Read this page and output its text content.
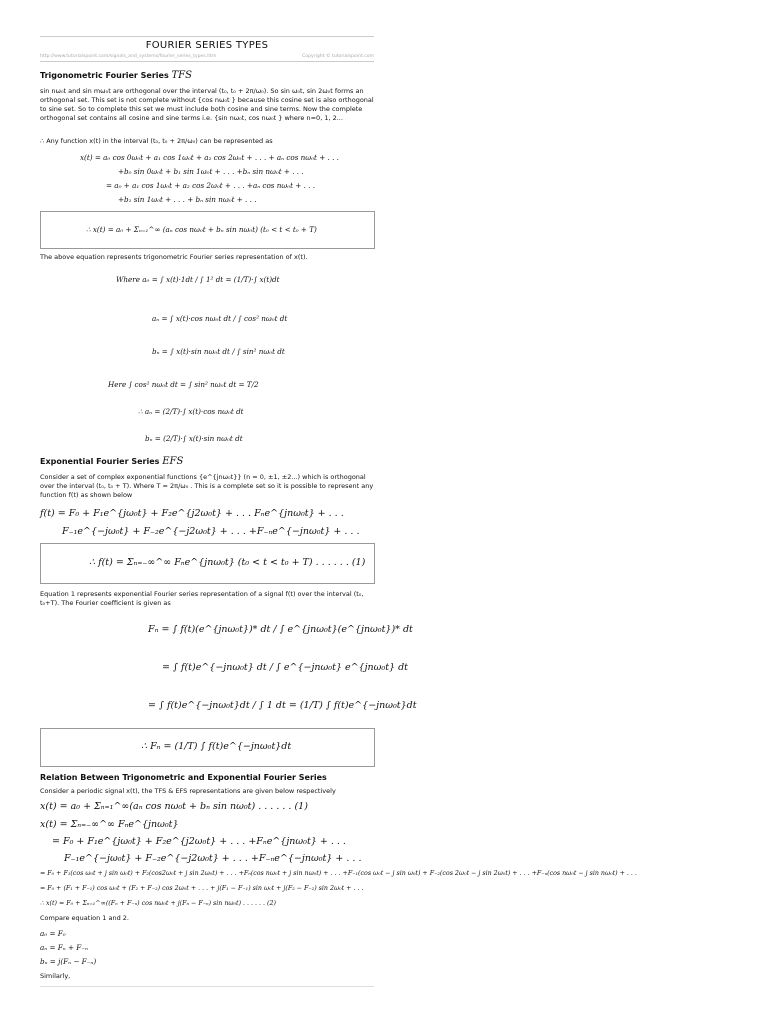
FOURIER SERIES TYPES
http://www.tutorialspoint.com/signals_and_systems/fourier_series_types.htm	Copyright © tutorialspoint.com
Trigonometric Fourier Series TFS

sin nω₀t and sin mω₀t are orthogonal over the interval (t₀, t₀ + 2π/ω₀). So sin ω₀t, sin 2ω₀t forms an orthogonal set. This set is not complete without {cos nω₀t } because this cosine set is also orthogonal to sine set. So to complete this set we must include both cosine and sine terms. Now the complete orthogonal set contains all cosine and sine terms i.e. {sin nω₀t, cos nω₀t } where n=0, 1, 2...

∴ Any function x(t) in the interval (t₀, t₀ + 2π/ω₀) can be represented as

x(t) = a₀ cos 0ω₀t + a₁ cos 1ω₀t + a₂ cos 2ω₀t + . . . + aₙ cos nω₀t + . . .
+b₀ sin 0ω₀t + b₁ sin 1ω₀t + . . . +bₙ sin nω₀t + . . .
= a₀ + a₁ cos 1ω₀t + a₂ cos 2ω₀t + . . . +aₙ cos nω₀t + . . .
+b₁ sin 1ω₀t + . . . + bₙ sin nω₀t + . . .
∴ x(t) = a₀ + Σₙ₌₁^∞ (aₙ cos nω₀t + bₙ sin nω₀t) (t₀ < t < t₀ + T)

The above equation represents trigonometric Fourier series representation of x(t).

Where a₀ = ∫ x(t)·1dt / ∫ 1² dt = (1/T)·∫ x(t)dt
aₙ = ∫ x(t)·cos nω₀t dt / ∫ cos² nω₀t dt
bₙ = ∫ x(t)·sin nω₀t dt / ∫ sin² nω₀t dt
Here ∫ cos² nω₀t dt = ∫ sin² nω₀t dt = T/2
∴ aₙ = (2/T)·∫ x(t)·cos nω₀t dt
bₙ = (2/T)·∫ x(t)·sin nω₀t dt
Exponential Fourier Series EFS

Consider a set of complex exponential functions {e^{jnω₀t}} (n = 0, ±1, ±2...) which is orthogonal over the interval (t₀, t₀ + T). Where T = 2π/ω₀ . This is a complete set so it is possible to represent any function f(t) as shown below

f(t) = F₀ + F₁e^{jω₀t} + F₂e^{j2ω₀t} + . . . Fₙe^{jnω₀t} + . . .
F₋₁e^{−jω₀t} + F₋₂e^{−j2ω₀t} + . . . +F₋ₙe^{−jnω₀t} + . . .
∴ f(t) = Σₙ₌₋∞^∞ Fₙe^{jnω₀t} (t₀ < t < t₀ + T) . . . . . . (1)

Equation 1 represents exponential Fourier series representation of a signal f(t) over the interval (t₀, t₀+T). The Fourier coefficient is given as

Fₙ = ∫ f(t)(e^{jnω₀t})* dt / ∫ e^{jnω₀t}(e^{jnω₀t})* dt
= ∫ f(t)e^{−jnω₀t} dt / ∫ e^{−jnω₀t} e^{jnω₀t} dt
= ∫ f(t)e^{−jnω₀t}dt / ∫ 1 dt = (1/T) ∫ f(t)e^{−jnω₀t}dt
∴ Fₙ = (1/T) ∫ f(t)e^{−jnω₀t}dt
Relation Between Trigonometric and Exponential Fourier Series

Consider a periodic signal x(t), the TFS & EFS representations are given below respectively

x(t) = a₀ + Σₙ₌₁^∞(aₙ cos nω₀t + bₙ sin nω₀t) . . . . . . (1)
x(t) = Σₙ₌₋∞^∞ Fₙe^{jnω₀t}
= F₀ + F₁e^{jω₀t} + F₂e^{j2ω₀t} + . . . +Fₙe^{jnω₀t} + . . .
F₋₁e^{−jω₀t} + F₋₂e^{−j2ω₀t} + . . . +F₋ₙe^{−jnω₀t} + . . .
= F₀ + F₁(cos ω₀t + j sin ω₀t) + F₂(cos2ω₀t + j sin 2ω₀t) + . . . +Fₙ(cos nω₀t + j sin nω₀t) + . . . +F₋₁(cos ω₀t − j sin ω₀t) + F₋₂(cos 2ω₀t − j sin 2ω₀t) + . . . +F₋ₙ(cos nω₀t − j sin nω₀t) + . . .
= F₀ + (F₁ + F₋₁) cos ω₀t + (F₂ + F₋₂) cos 2ω₀t + . . . + j(F₁ − F₋₁) sin ω₀t + j(F₂ − F₋₂) sin 2ω₀t + . . .
∴ x(t) = F₀ + Σₙ₌₁^∞((Fₙ + F₋ₙ) cos nω₀t + j(Fₙ − F₋ₙ) sin nω₀t) . . . . . . (2)

Compare equation 1 and 2.

a₀ = F₀
aₙ = Fₙ + F₋ₙ
bₙ = j(Fₙ − F₋ₙ)

Similarly,
